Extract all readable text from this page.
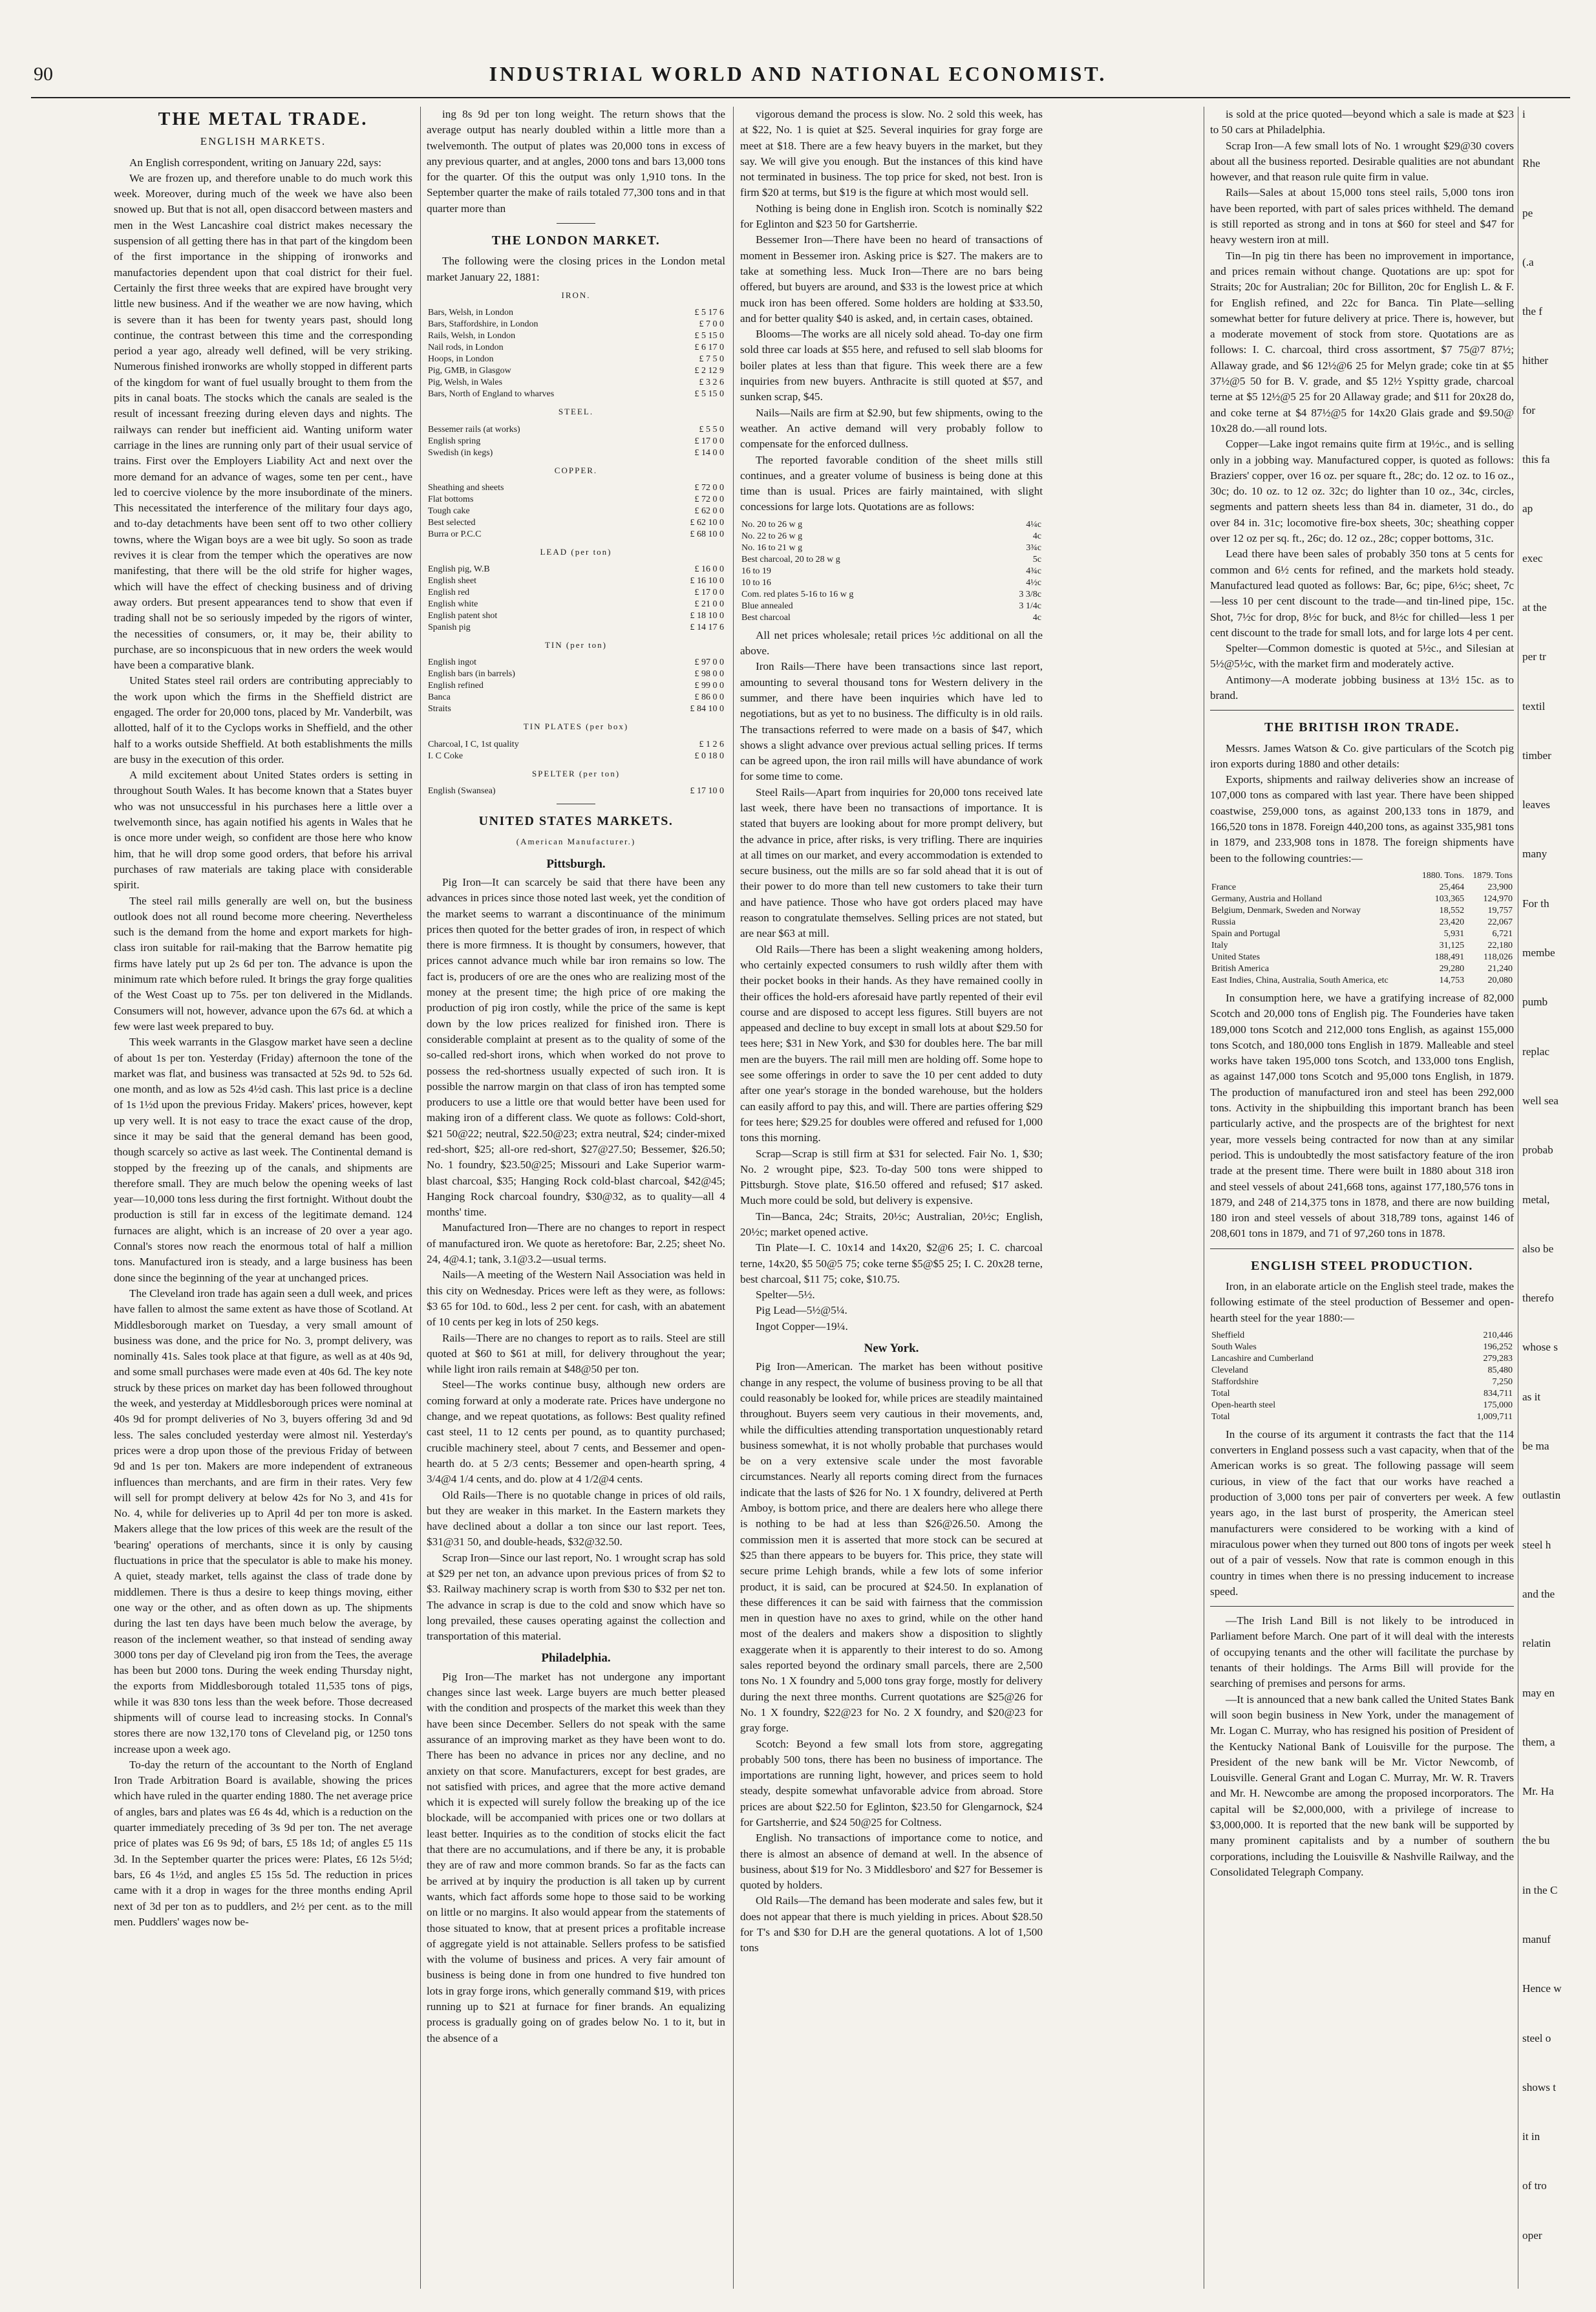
90	INDUSTRIAL WORLD AND NATIONAL ECONOMIST.
THE METAL TRADE.
ENGLISH MARKETS.

An English correspondent, writing on January 22d, says:

We are frozen up, and therefore unable to do much work this week. Moreover, during much of the week we have also been snowed up. But that is not all, open disaccord between masters and men in the West Lancashire coal district makes necessary the suspension of all getting there has in that part of the kingdom been of the first importance in the shipping of ironworks and manufactories dependent upon that coal district for their fuel. Certainly the first three weeks that are expired have brought very little new business. And if the weather we are now having, which is severe than it has been for twenty years past, should long continue, the contrast between this time and the corresponding period a year ago, already well defined, will be very striking. Numerous finished ironworks are wholly stopped in different parts of the kingdom for want of fuel usually brought to them from the pits in canal boats. The stocks which the canals are sealed is the result of incessant freezing during eleven days and nights. The railways can render but inefficient aid. Wanting uniform water carriage in the lines are running only part of their usual service of trains. First over the Employers Liability Act and next over the more demand for an advance of wages, some ten per cent., have led to coercive violence by the more insubordinate of the miners. This necessitated the interference of the military four days ago, and to-day detachments have been sent off to two other colliery towns, where the Wigan boys are a wee bit ugly. So soon as trade revives it is clear from the temper which the operatives are now manifesting, that there will be the old strife for higher wages, which will have the effect of checking business and of driving away orders. But present appearances tend to show that even if trading shall not be so seriously impeded by the rigors of winter, the necessities of consumers, or, it may be, their ability to purchase, are so inconspicuous that in new orders the week would have been a comparative blank.

United States steel rail orders are contributing appreciably to the work upon which the firms in the Sheffield district are engaged. The order for 20,000 tons, placed by Mr. Vanderbilt, was allotted, half of it to the Cyclops works in Sheffield, and the other half to a works outside Sheffield. At both establishments the mills are busy in the execution of this order.

A mild excitement about United States orders is setting in throughout South Wales. It has become known that a States buyer who was not unsuccessful in his purchases here a little over a twelvemonth since, has again notified his agents in Wales that he is once more under weigh, so confident are those here who know him, that he will drop some good orders, that before his arrival purchases of raw materials are taking place with considerable spirit.

The steel rail mills generally are well on, but the business outlook does not all round become more cheering. Nevertheless such is the demand from the home and export markets for high-class iron suitable for rail-making that the Barrow hematite pig firms have lately put up 2s 6d per ton. The advance is upon the minimum rate which before ruled. It brings the gray forge qualities of the West Coast up to 75s. per ton delivered in the Midlands. Consumers will not, however, advance upon the 67s 6d. at which a few were last week prepared to buy.

This week warrants in the Glasgow market have seen a decline of about 1s per ton. Yesterday (Friday) afternoon the tone of the market was flat, and business was transacted at 52s 9d. to 52s 6d. one month, and as low as 52s 4½d cash. This last price is a decline of 1s 1½d upon the previous Friday. Makers' prices, however, kept up very well. It is not easy to trace the exact cause of the drop, since it may be said that the general demand has been good, though scarcely so active as last week. The Continental demand is stopped by the freezing up of the canals, and shipments are therefore small. They are much below the opening weeks of last year—10,000 tons less during the first fortnight. Without doubt the production is still far in excess of the legitimate demand. 124 furnaces are alight, which is an increase of 20 over a year ago. Connal's stores now reach the enormous total of half a million tons. Manufactured iron is steady, and a large business has been done since the beginning of the year at unchanged prices.

The Cleveland iron trade has again seen a dull week, and prices have fallen to almost the same extent as have those of Scotland. At Middlesborough market on Tuesday, a very small amount of business was done, and the price for No. 3, prompt delivery, was nominally 41s. Sales took place at that figure, as well as at 40s 9d, and some small purchases were made even at 40s 6d. The key note struck by these prices on market day has been followed throughout the week, and yesterday at Middlesborough prices were nominal at 40s 9d for prompt deliveries of No 3, buyers offering 3d and 9d less. The sales concluded yesterday were almost nil. Yesterday's prices were a drop upon those of the previous Friday of between 9d and 1s per ton. Makers are more independent of extraneous influences than merchants, and are firm in their rates. Very few will sell for prompt delivery at below 42s for No 3, and 41s for No. 4, while for deliveries up to April 4d per ton more is asked. Makers allege that the low prices of this week are the result of the 'bearing' operations of merchants, since it is only by causing fluctuations in price that the speculator is able to make his money. A quiet, steady market, tells against the class of trade done by middlemen. There is thus a desire to keep things moving, either one way or the other, and as often down as up. The shipments during the last ten days have been much below the average, by reason of the inclement weather, so that instead of sending away 3000 tons per day of Cleveland pig iron from the Tees, the average has been but 2000 tons. During the week ending Thursday night, the exports from Middlesborough totaled 11,535 tons of pigs, while it was 830 tons less than the week before. Those decreased shipments will of course lead to increasing stocks. In Connal's stores there are now 132,170 tons of Cleveland pig, or 1250 tons increase upon a week ago.

To-day the return of the accountant to the North of England Iron Trade Arbitration Board is available, showing the prices which have ruled in the quarter ending 1880. The net average price of angles, bars and plates was £6 4s 4d, which is a reduction on the quarter immediately preceding of 3s 9d per ton. The net average price of plates was £6 9s 9d; of bars, £5 18s 1d; of angles £5 11s 3d. In the September quarter the prices were: Plates, £6 12s 5½d; bars, £6 4s 1½d, and angles £5 15s 5d. The reduction in prices came with it a drop in wages for the three months ending April next of 3d per ton as to puddlers, and 2½ per cent. as to the mill men. Puddlers' wages now be-

ing 8s 9d per ton long weight. The return shows that the average output has nearly doubled within a little more than a twelvemonth. The output of plates was 20,000 tons in excess of any previous quarter, and at angles, 2000 tons and bars 13,000 tons for the quarter. Of this the output was only 1,910 tons. In the September quarter the make of rails totaled 77,300 tons and in that quarter more than

THE LONDON MARKET.

The following were the closing prices in the London metal market January 22, 1881:

IRON.
Bars, Welsh, in London	£ 5 17 6
Bars, Staffordshire, in London	£ 7 0 0
Rails, Welsh, in London	£ 5 15 0
Nail rods, in London	£ 6 17 0
Hoops, in London	£ 7 5 0
Pig, GMB, in Glasgow	£ 2 12 9
Pig, Welsh, in Wales	£ 3 2 6
Bars, North of England to wharves	£ 5 15 0
STEEL.
Bessemer rails (at works)	£ 5 5 0
English spring	£ 17 0 0
Swedish (in kegs)	£ 14 0 0
COPPER.
Sheathing and sheets	£ 72 0 0
Flat bottoms	£ 72 0 0
Tough cake	£ 62 0 0
Best selected	£ 62 10 0
Burra or P.C.C	£ 68 10 0
LEAD (per ton)
English pig, W.B	£ 16 0 0
English sheet	£ 16 10 0
English red	£ 17 0 0
English white	£ 21 0 0
English patent shot	£ 18 10 0
Spanish pig	£ 14 17 6
TIN (per ton)
English ingot	£ 97 0 0
English bars (in barrels)	£ 98 0 0
English refined	£ 99 0 0
Banca	£ 86 0 0
Straits	£ 84 10 0
TIN PLATES (per box)
Charcoal, I C, 1st quality	£ 1 2 6
I. C Coke	£ 0 18 0
SPELTER (per ton)
English (Swansea)	£ 17 10 0
UNITED STATES MARKETS.
(American Manufacturer.)
Pittsburgh.

Pig Iron—It can scarcely be said that there have been any advances in prices since those noted last week, yet the condition of the market seems to warrant a discontinuance of the minimum prices then quoted for the better grades of iron, in respect of which there is more firmness. It is thought by consumers, however, that prices cannot advance much while bar iron remains so low. The fact is, producers of ore are the ones who are realizing most of the money at the present time; the high price of ore making the production of pig iron costly, while the price of the same is kept down by the low prices realized for finished iron. There is considerable complaint at present as to the quality of some of the so-called red-short irons, which when worked do not prove to possess the red-shortness usually expected of such iron. It is possible the narrow margin on that class of iron has tempted some producers to use a little ore that would better have been used for making iron of a different class. We quote as follows: Cold-short, $21 50@22; neutral, $22.50@23; extra neutral, $24; cinder-mixed red-short, $25; all-ore red-short, $27@27.50; Bessemer, $26.50; No. 1 foundry, $23.50@25; Missouri and Lake Superior warm-blast charcoal, $35; Hanging Rock cold-blast charcoal, $42@45; Hanging Rock charcoal foundry, $30@32, as to quality—all 4 months' time.

Manufactured Iron—There are no changes to report in respect of manufactured iron. We quote as heretofore: Bar, 2.25; sheet No. 24, 4@4.1; tank, 3.1@3.2—usual terms.

Nails—A meeting of the Western Nail Association was held in this city on Wednesday. Prices were left as they were, as follows: $3 65 for 10d. to 60d., less 2 per cent. for cash, with an abatement of 10 cents per keg in lots of 250 kegs.

Rails—There are no changes to report as to rails. Steel are still quoted at $60 to $61 at mill, for delivery throughout the year; while light iron rails remain at $48@50 per ton.

Steel—The works continue busy, although new orders are coming forward at only a moderate rate. Prices have undergone no change, and we repeat quotations, as follows: Best quality refined cast steel, 11 to 12 cents per pound, as to quantity purchased; crucible machinery steel, about 7 cents, and Bessemer and open-hearth do. at 5 2/3 cents; Bessemer and open-hearth spring, 4 3/4@4 1/4 cents, and do. plow at 4 1/2@4 cents.

Old Rails—There is no quotable change in prices of old rails, but they are weaker in this market. In the Eastern markets they have declined about a dollar a ton since our last report. Tees, $31@31 50, and double-heads, $32@32.50.

Scrap Iron—Since our last report, No. 1 wrought scrap has sold at $29 per net ton, an advance upon previous prices of from $2 to $3. Railway machinery scrap is worth from $30 to $32 per net ton. The advance in scrap is due to the cold and snow which have so long prevailed, these causes operating against the collection and transportation of this material.

Philadelphia.

Pig Iron—The market has not undergone any important changes since last week. Large buyers are much better pleased with the condition and prospects of the market this week than they have been since December. Sellers do not speak with the same assurance of an improving market as they have been wont to do. There has been no advance in prices nor any decline, and no anxiety on that score. Manufacturers, except for best grades, are not satisfied with prices, and agree that the more active demand which it is expected will surely follow the breaking up of the ice blockade, will be accompanied with prices one or two dollars at least better. Inquiries as to the condition of stocks elicit the fact that there are no accumulations, and if there be any, it is probable they are of raw and more common brands. So far as the facts can be arrived at by inquiry the production is all taken up by current wants, which fact affords some hope to those said to be working on little or no margins. It also would appear from the statements of those situated to know, that at present prices a profitable increase of aggregate yield is not attainable. Sellers profess to be satisfied with the volume of business and prices. A very fair amount of business is being done in from one hundred to five hundred ton lots in gray forge irons, which generally command $19, with prices running up to $21 at furnace for finer brands. An equalizing process is gradually going on of grades below No. 1 to it, but in the absence of a

vigorous demand the process is slow. No. 2 sold this week, has at $22, No. 1 is quiet at $25. Several inquiries for gray forge are meet at $18. There are a few heavy buyers in the market, but they say. We will give you enough. But the instances of this kind have not terminated in business. The top price for sked, not best. Iron is firm $20 at terms, but $19 is the figure at which most would sell.

Nothing is being done in English iron. Scotch is nominally $22 for Eglinton and $23 50 for Gartsherrie.

Bessemer Iron—There have been no heard of transactions of moment in Bessemer iron. Asking price is $27. The makers are to take at something less. Muck Iron—There are no bars being offered, but buyers are around, and $33 is the lowest price at which muck iron has been offered. Some holders are holding at $33.50, and for better quality $40 is asked, and, in certain cases, obtained.

Blooms—The works are all nicely sold ahead. To-day one firm sold three car loads at $55 here, and refused to sell slab blooms for boiler plates at less than that figure. This week there are a few inquiries from new buyers. Anthracite is still quoted at $57, and sunken scrap, $45.

Nails—Nails are firm at $2.90, but few shipments, owing to the weather. An active demand will very probably follow to compensate for the enforced dullness.

The reported favorable condition of the sheet mills still continues, and a greater volume of business is being done at this time than is usual. Prices are fairly maintained, with slight concessions for large lots. Quotations are as follows:

No. 20 to 26 w g	4¼c
No. 22 to 26 w g	4c
No. 16 to 21 w g	3¾c
Best charcoal, 20 to 28 w g	5c
16 to 19	4¾c
10 to 16	4½c
Com. red plates 5-16 to 16 w g	3 3/8c
Blue annealed	3 1/4c
Best charcoal	4c

All net prices wholesale; retail prices ½c additional on all the above.

Iron Rails—There have been transactions since last report, amounting to several thousand tons for Western delivery in the summer, and there have been inquiries which have led to negotiations, but as yet to no business. The difficulty is in old rails. The transactions referred to were made on a basis of $47, which shows a slight advance over previous actual selling prices. If terms can be agreed upon, the iron rail mills will have abundance of work for some time to come.

Steel Rails—Apart from inquiries for 20,000 tons received late last week, there have been no transactions of importance. It is stated that buyers are looking about for more prompt delivery, but the advance in price, after risks, is very trifling. There are inquiries at all times on our market, and every accommodation is extended to secure business, out the mills are so far sold ahead that it is out of their power to do more than tell new customers to take their turn and have patience. Those who have got orders placed may have reason to congratulate themselves. Selling prices are not stated, but are near $63 at mill.

Old Rails—There has been a slight weakening among holders, who certainly expected consumers to rush wildly after them with their pocket books in their hands. As they have remained coolly in their offices the hold-ers aforesaid have partly repented of their evil course and are disposed to accept less figures. Still buyers are not appeased and decline to buy except in small lots at about $29.50 for tees here; $31 in New York, and $30 for doubles here. The bar mill men are the buyers. The rail mill men are holding off. Some hope to see some offerings in order to save the 10 per cent added to duty after one year's storage in the bonded warehouse, but the holders can easily afford to pay this, and will. There are parties offering $29 for tees here; $29.25 for doubles were offered and refused for 1,000 tons this morning.

Scrap—Scrap is still firm at $31 for selected. Fair No. 1, $30; No. 2 wrought pipe, $23. To-day 500 tons were shipped to Pittsburgh. Stove plate, $16.50 offered and refused; $17 asked. Much more could be sold, but delivery is expensive.

Tin—Banca, 24c; Straits, 20½c; Australian, 20½c; English, 20½c; market opened active.

Tin Plate—I. C. 10x14 and 14x20, $2@6 25; I. C. charcoal terne, 14x20, $5 50@5 75; coke terne $5@$5 25; I. C. 20x28 terne, best charcoal, $11 75; coke, $10.75.

Spelter—5½.

Pig Lead—5½@5¼.

Ingot Copper—19¼.

New York.

Pig Iron—American. The market has been without positive change in any respect, the volume of business proving to be all that could reasonably be looked for, while prices are steadily maintained throughout. Buyers seem very cautious in their movements, and, while the difficulties attending transportation unquestionably retard business somewhat, it is not wholly probable that purchases would be on a very extensive scale under the most favorable circumstances. Nearly all reports coming direct from the furnaces indicate that the lasts of $26 for No. 1 X foundry, delivered at Perth Amboy, is bottom price, and there are dealers here who allege there is nothing to be had at less than $26@26.50. Among the commission men it is asserted that more stock can be secured at $25 than there appears to be buyers for. This price, they state will secure prime Lehigh brands, while a few lots of some inferior product, it is said, can be procured at $24.50. In explanation of these differences it can be said with fairness that the commission men in question have no axes to grind, while on the other hand most of the dealers and makers show a disposition to slightly exaggerate when it is apparently to their interest to do so. Among sales reported beyond the ordinary small parcels, there are 2,500 tons No. 1 X foundry and 5,000 tons gray forge, mostly for delivery during the next three months. Current quotations are $25@26 for No. 1 X foundry, $22@23 for No. 2 X foundry, and $20@23 for gray forge.

Scotch: Beyond a few small lots from store, aggregating probably 500 tons, there has been no business of importance. The importations are running light, however, and prices seem to hold steady, despite somewhat unfavorable advice from abroad. Store prices are about $22.50 for Eglinton, $23.50 for Glengarnock, $24 for Gartsherrie, and $24 50@25 for Coltness.

English. No transactions of importance come to notice, and there is almost an absence of demand at well. In the absence of business, about $19 for No. 3 Middlesboro' and $27 for Bessemer is quoted by holders.

Old Rails—The demand has been moderate and sales few, but it does not appear that there is much yielding in prices. About $28.50 for T's and $30 for D.H are the general quotations. A lot of 1,500 tons

is sold at the price quoted—beyond which a sale is made at $23 to 50 cars at Philadelphia.

Scrap Iron—A few small lots of No. 1 wrought $29@30 covers about all the business reported. Desirable qualities are not abundant however, and that reason rule quite firm in value.

Rails—Sales at about 15,000 tons steel rails, 5,000 tons iron have been reported, with part of sales prices withheld. The demand is still reported as strong and in tons at $60 for steel and $47 for heavy western iron at mill.

Tin—In pig tin there has been no improvement in importance, and prices remain without change. Quotations are up: spot for Straits; 20c for Australian; 20c for Billiton, 20c for English L. & F. for English refined, and 22c for Banca. Tin Plate—selling somewhat better for future delivery at price. There is, however, but a moderate movement of stock from store. Quotations are as follows: I. C. charcoal, third cross assortment, $7 75@7 87½; Allaway grade, and $6 12½@6 25 for Melyn grade; coke tin at $5 37½@5 50 for B. V. grade, and $5 12½ Yspitty grade, charcoal terne at $5 12½@5 25 for 20 Allaway grade; and $11 for 20x28 do, and coke terne at $4 87½@5 for 14x20 Glais grade and $9.50@ 10x28 do.—all round lots.

Copper—Lake ingot remains quite firm at 19½c., and is selling only in a jobbing way. Manufactured copper, is quoted as follows: Braziers' copper, over 16 oz. per square ft., 28c; do. 12 oz. to 16 oz., 30c; do. 10 oz. to 12 oz. 32c; do lighter than 10 oz., 34c, circles, segments and pattern sheets less than 84 in. diameter, 31 do., do over 84 in. 31c; locomotive fire-box sheets, 30c; sheathing copper over 12 oz per sq. ft., 26c; do. 12 oz., 28c; copper bottoms, 31c.

Lead there have been sales of probably 350 tons at 5 cents for common and 6½ cents for refined, and the markets hold steady. Manufactured lead quoted as follows: Bar, 6c; pipe, 6½c; sheet, 7c—less 10 per cent discount to the trade—and tin-lined pipe, 15c. Shot, 7½c for drop, 8½c for buck, and 8½c for chilled—less 1 per cent discount to the trade for small lots, and for large lots 4 per cent.

Spelter—Common domestic is quoted at 5½c., and Silesian at 5½@5½c, with the market firm and moderately active.

Antimony—A moderate jobbing business at 13½ 15c. as to brand.

THE BRITISH IRON TRADE.

Messrs. James Watson & Co. give particulars of the Scotch pig iron exports during 1880 and other details:

Exports, shipments and railway deliveries show an increase of 107,000 tons as compared with last year. There have been shipped coastwise, 259,000 tons, as against 200,133 tons in 1879, and 166,520 tons in 1878. Foreign 440,200 tons, as against 335,981 tons in 1879, and 233,908 tons in 1878. The foreign shipments have been to the following countries:—

	1880. Tons.	1879. Tons
France	25,464	23,900
Germany, Austria and Holland	103,365	124,970
Belgium, Denmark, Sweden and Norway	18,552	19,757
Russia	23,420	22,067
Spain and Portugal	5,931	6,721
Italy	31,125	22,180
United States	188,491	118,026
British America	29,280	21,240
East Indies, China, Australia, South America, etc	14,753	20,080

In consumption here, we have a gratifying increase of 82,000 Scotch and 20,000 tons of English pig. The Founderies have taken 189,000 tons Scotch and 212,000 tons English, as against 155,000 tons Scotch, and 180,000 tons English in 1879. Malleable and steel works have taken 195,000 tons Scotch, and 133,000 tons English, as against 147,000 tons Scotch and 95,000 tons English, in 1879. The production of manufactured iron and steel has been 292,000 tons. Activity in the shipbuilding this important branch has been particularly active, and the prospects are of the brightest for next year, more vessels being contracted for now than at any similar period. This is undoubtedly the most satisfactory feature of the iron trade at the present time. There were built in 1880 about 318 iron and steel vessels of about 241,668 tons, against 177,180,576 tons in 1879, and 248 of 214,375 tons in 1878, and there are now building 180 iron and steel vessels of about 318,789 tons, against 146 of 208,601 tons in 1879, and 71 of 97,260 tons in 1878.

ENGLISH STEEL PRODUCTION.

Iron, in an elaborate article on the English steel trade, makes the following estimate of the steel production of Bessemer and open-hearth steel for the year 1880:—

Sheffield	210,446
South Wales	196,252
Lancashire and Cumberland	279,283
Cleveland	85,480
Staffordshire	7,250
Total	834,711
Open-hearth steel	175,000
Total	1,009,711

In the course of its argument it contrasts the fact that the 114 converters in England possess such a vast capacity, when that of the American works is so great. The following passage will seem curious, in view of the fact that our works have reached a production of 3,000 tons per pair of converters per week. A few years ago, in the last burst of prosperity, the American steel manufacturers were considered to be working with a kind of miraculous power when they turned out 800 tons of ingots per week out of a pair of vessels. Now that rate is common enough in this country in times when there is no pressing inducement to increase speed.

—The Irish Land Bill is not likely to be introduced in Parliament before March. One part of it will deal with the interests of occupying tenants and the other will facilitate the purchase by tenants of their holdings. The Arms Bill will provide for the searching of premises and persons for arms.

—It is announced that a new bank called the United States Bank will soon begin business in New York, under the management of Mr. Logan C. Murray, who has resigned his position of President of the Kentucky National Bank of Louisville for the purpose. The President of the new bank will be Mr. Victor Newcomb, of Louisville. General Grant and Logan C. Murray, Mr. W. R. Travers and Mr. H. Newcombe are among the proposed incorporators. The capital will be $2,000,000, with a privilege of increase to $3,000,000. It is reported that the new bank will be supported by many prominent capitalists and by a number of southern corporations, including the Louisville & Nashville Railway, and the Consolidated Telegraph Company.

i
Rhe
pe
(.a
the f
hither
for
this fa
ap
exec
at the
per tr
textil
timber
leaves
many
For th
membe
pumb
replac
well sea
probab
metal,
also be
therefo
whose s
as it
be ma
outlastin
steel h
and the
relatin
may en
them, a
Mr. Ha
the bu
in the C
manuf
Hence w
steel o
shows t
it in
of tro
oper
